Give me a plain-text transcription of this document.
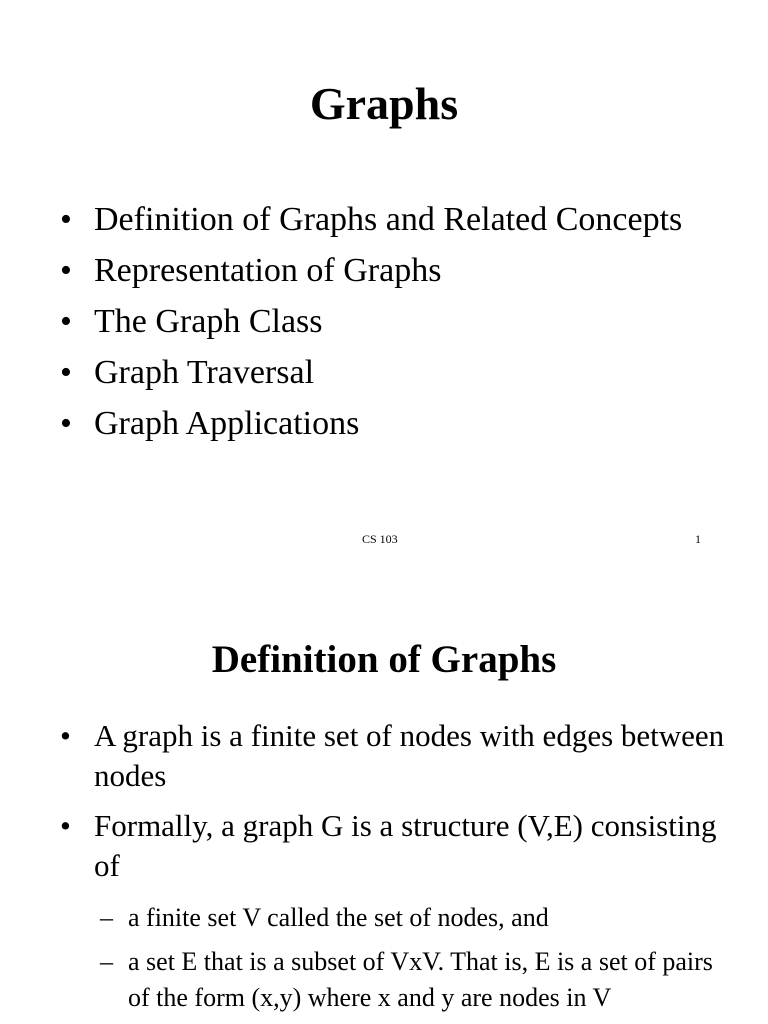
Graphs
• Definition of Graphs and Related Concepts
• Representation of Graphs
• The Graph Class
• Graph Traversal
• Graph Applications
CS 103	1
Definition of Graphs
• A graph is a finite set of nodes with edges between nodes
• Formally, a graph G is a structure (V,E) consisting of
– a finite set V called the set of nodes, and
– a set E that is a subset of VxV. That is, E is a set of pairs of the form (x,y) where x and y are nodes in V
